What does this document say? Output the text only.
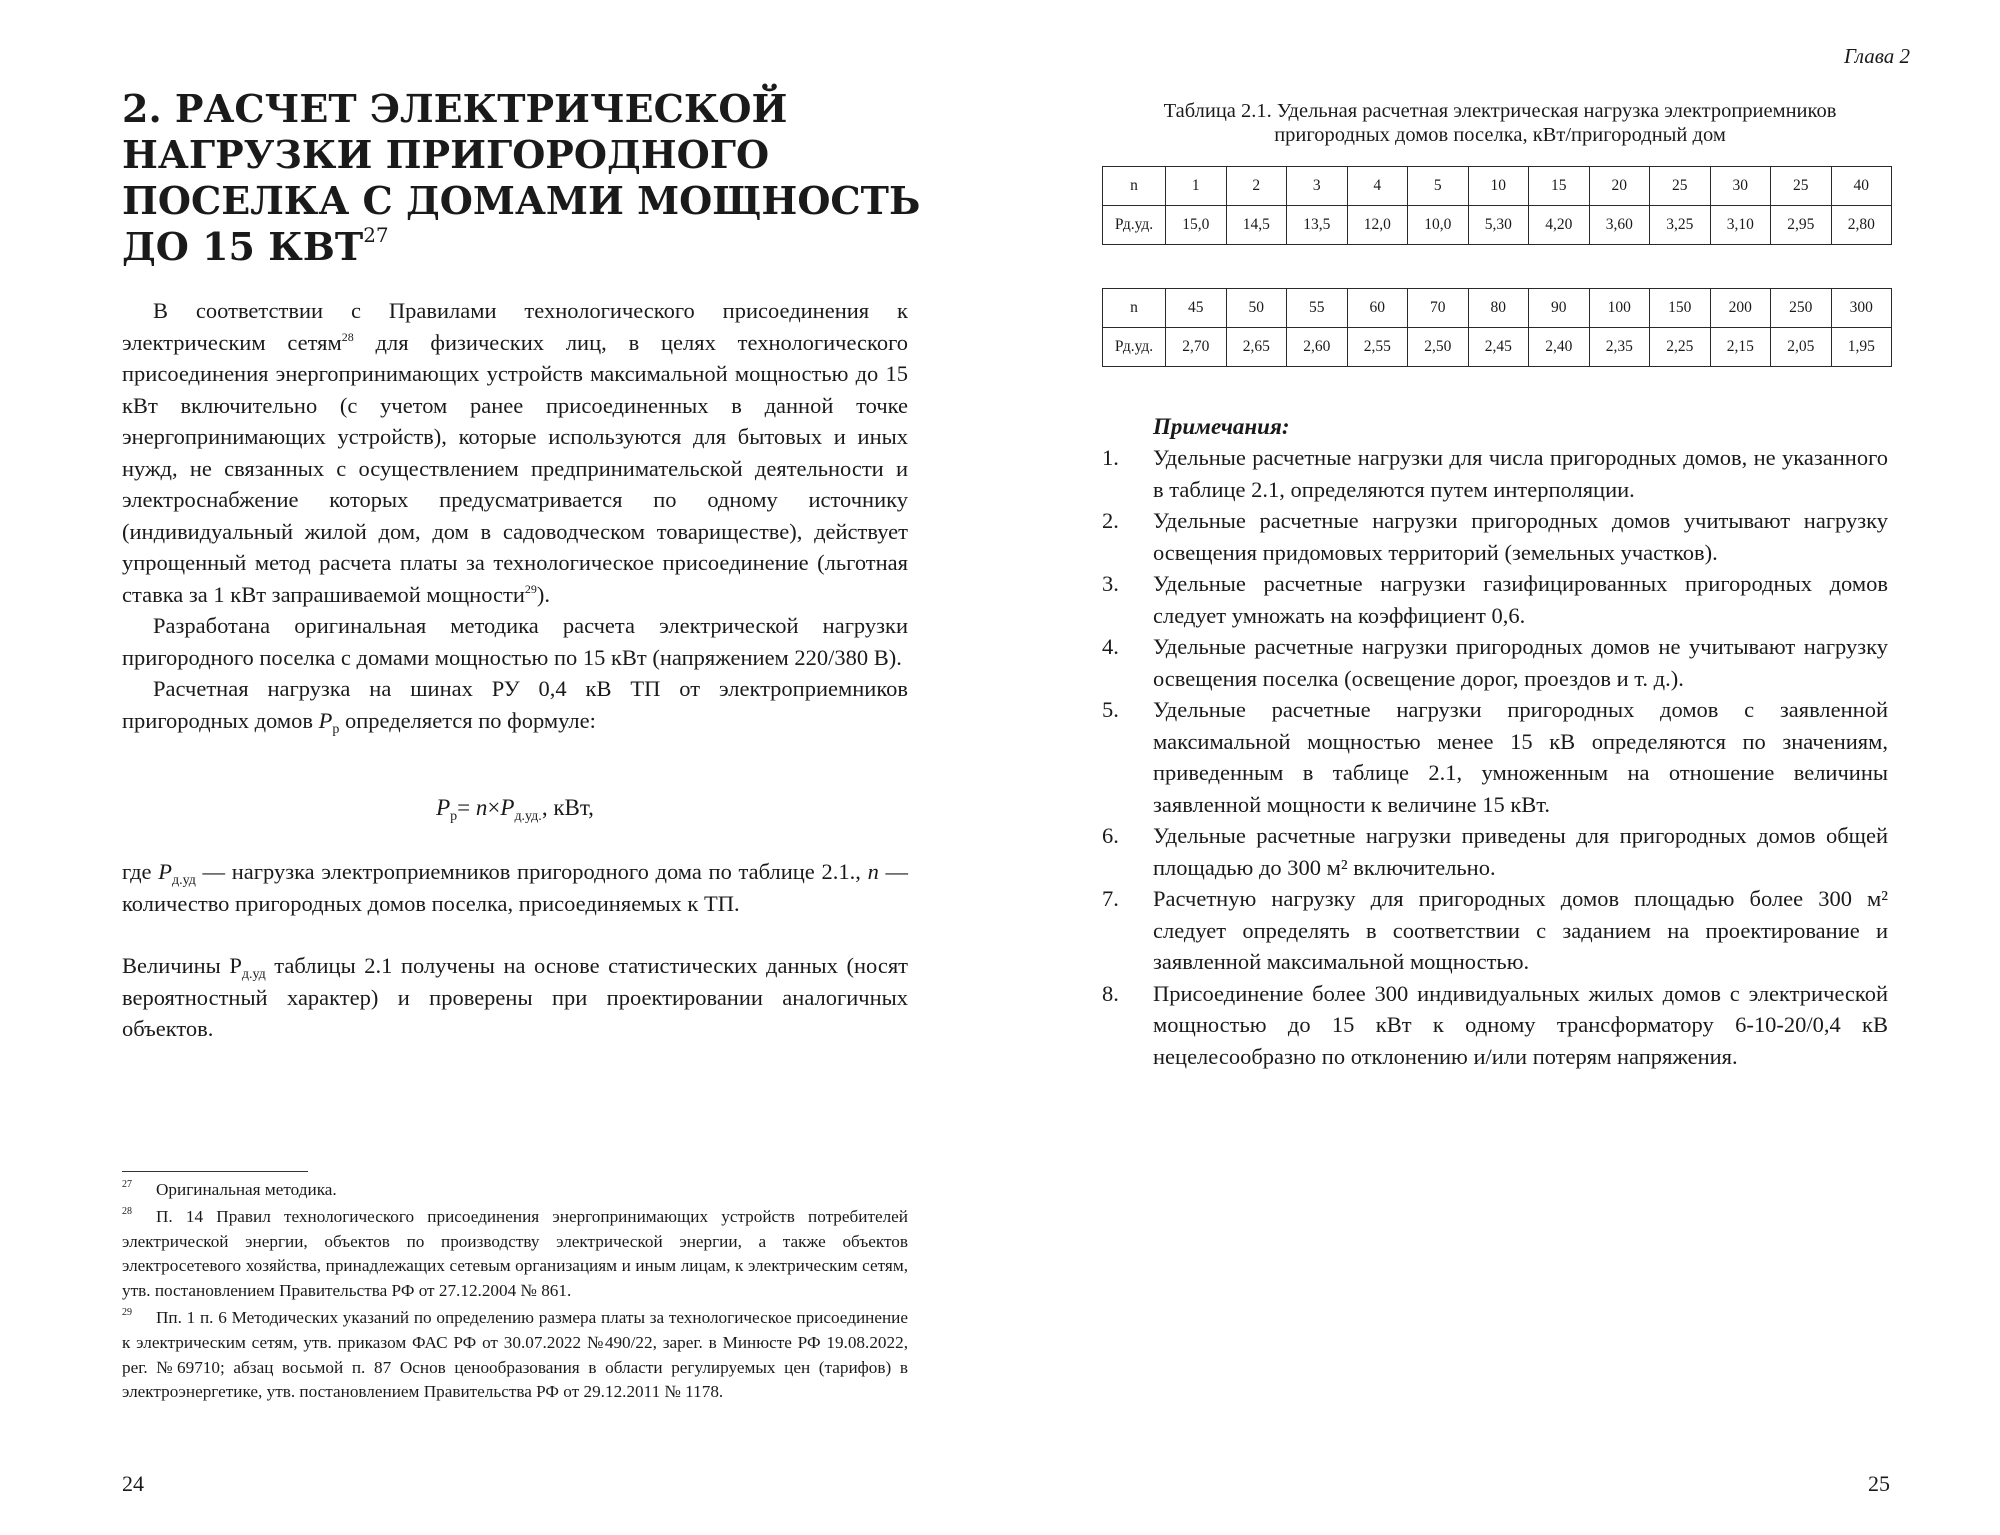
2. РАСЧЕТ ЭЛЕКТРИЧЕСКОЙ НАГРУЗКИ ПРИГОРОДНОГО ПОСЕЛКА С ДОМАМИ МОЩНОСТЬ ДО 15 КВТ$^{27}$

В соответствии с Правилами технологического присоединения к электрическим сетям$^{28}$ для физических лиц, в целях технологического присоединения энергопринимающих устройств максимальной мощностью до 15 кВт включительно (с учетом ранее присоединенных в данной точке энергопринимающих устройств), которые используются для бытовых и иных нужд, не связанных с осуществлением предпринимательской деятельности и электроснабжение которых предусматривается по одному источнику (индивидуальный жилой дом, дом в садоводческом товариществе), действует упрощенный метод расчета платы за технологическое присоединение (льготная ставка за 1 кВт запрашиваемой мощности$^{29}$).

Разработана оригинальная методика расчета электрической нагрузки пригородного поселка с домами мощностью по 15 кВт (напряжением 220/380 В).

Расчетная нагрузка на шинах РУ 0,4 кВ ТП от электроприемников пригородных домов $P_р$ определяется по формуле:

$P_р= n\times P_{д.уд.}$, кВт,

где $P_{д.уд}$ — нагрузка электроприемников пригородного дома по таблице 2.1., n — количество пригородных домов поселка, присоединяемых к ТП.

Величины $Р_{д.уд}$ таблицы 2.1 получены на основе статистических данных (носят вероятностный характер) и проверены при проектировании аналогичных объектов.

27 Оригинальная методика.

28 П. 14 Правил технологического присоединения энергопринимающих устройств потребителей электрической энергии, объектов по производству электрической энергии, а также объектов электросетевого хозяйства, принадлежащих сетевым организациям и иным лицам, к электрическим сетям, утв. постановлением Правительства РФ от 27.12.2004 № 861.

29 Пп. 1 п. 6 Методических указаний по определению размера платы за технологическое присоединение к электрическим сетям, утв. приказом ФАС РФ от 30.07.2022 №490/22, зарег. в Минюсте РФ 19.08.2022, рег. №69710; абзац восьмой п. 87 Основ ценообразования в области регулируемых цен (тарифов) в электроэнергетике, утв. постановлением Правительства РФ от 29.12.2011 № 1178.

24
Глава 2

Таблица 2.1. Удельная расчетная электрическая нагрузка электроприемников
пригородных домов поселка, кВт/пригородный дом

n	1	2	3	4	5	10	15	20	25	30	25	40
Рд.уд.	15,0	14,5	13,5	12,0	10,0	5,30	4,20	3,60	3,25	3,10	2,95	2,80
n	45	50	55	60	70	80	90	100	150	200	250	300
Рд.уд.	2,70	2,65	2,60	2,55	2,50	2,45	2,40	2,35	2,25	2,15	2,05	1,95

Примечания:

1. Удельные расчетные нагрузки для числа пригородных домов, не указанного в таблице 2.1, определяются путем интерполяции.
2. Удельные расчетные нагрузки пригородных домов учитывают нагрузку освещения придомовых территорий (земельных участков).
3. Удельные расчетные нагрузки газифицированных пригородных домов следует умножать на коэффициент 0,6.
4. Удельные расчетные нагрузки пригородных домов не учитывают нагрузку освещения поселка (освещение дорог, проездов и т. д.).
5. Удельные расчетные нагрузки пригородных домов с заявленной максимальной мощностью менее 15 кВ определяются по значениям, приведенным в таблице 2.1, умноженным на отношение величины заявленной мощности к величине 15 кВт.
6. Удельные расчетные нагрузки приведены для пригородных домов общей площадью до 300 м² включительно.
7. Расчетную нагрузку для пригородных домов площадью более 300 м² следует определять в соответствии с заданием на проектирование и заявленной максимальной мощностью.
8. Присоединение более 300 индивидуальных жилых домов с электрической мощностью до 15 кВт к одному трансформатору 6-10-20/0,4 кВ нецелесообразно по отклонению и/или потерям напряжения.
25
